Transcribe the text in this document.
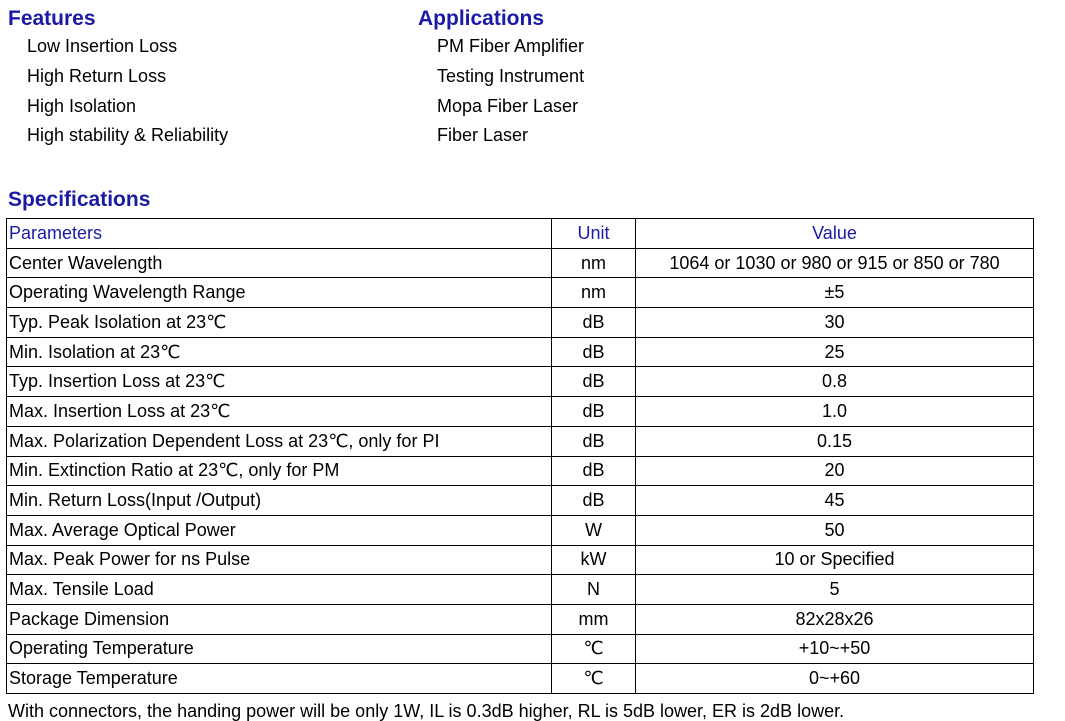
Features
Low Insertion Loss
High Return Loss
High Isolation
High stability & Reliability
Applications
PM Fiber Amplifier
Testing Instrument
Mopa Fiber Laser
Fiber Laser
Specifications
Parameters	Unit	Value
Center Wavelength	nm	1064 or 1030 or 980 or 915 or 850 or 780
Operating Wavelength Range	nm	±5
Typ. Peak Isolation at 23℃	dB	30
Min. Isolation at 23℃	dB	25
Typ. Insertion Loss at 23℃	dB	0.8
Max. Insertion Loss at 23℃	dB	1.0
Max. Polarization Dependent Loss at 23℃, only for PI	dB	0.15
Min. Extinction Ratio at 23℃, only for PM	dB	20
Min. Return Loss(Input /Output)	dB	45
Max. Average Optical Power	W	50
Max. Peak Power for ns Pulse	kW	10 or Specified
Max. Tensile Load	N	5
Package Dimension	mm	82x28x26
Operating Temperature	℃	+10~+50
Storage Temperature	℃	0~+60
With connectors, the handing power will be only 1W, IL is 0.3dB higher, RL is 5dB lower, ER is 2dB lower.
